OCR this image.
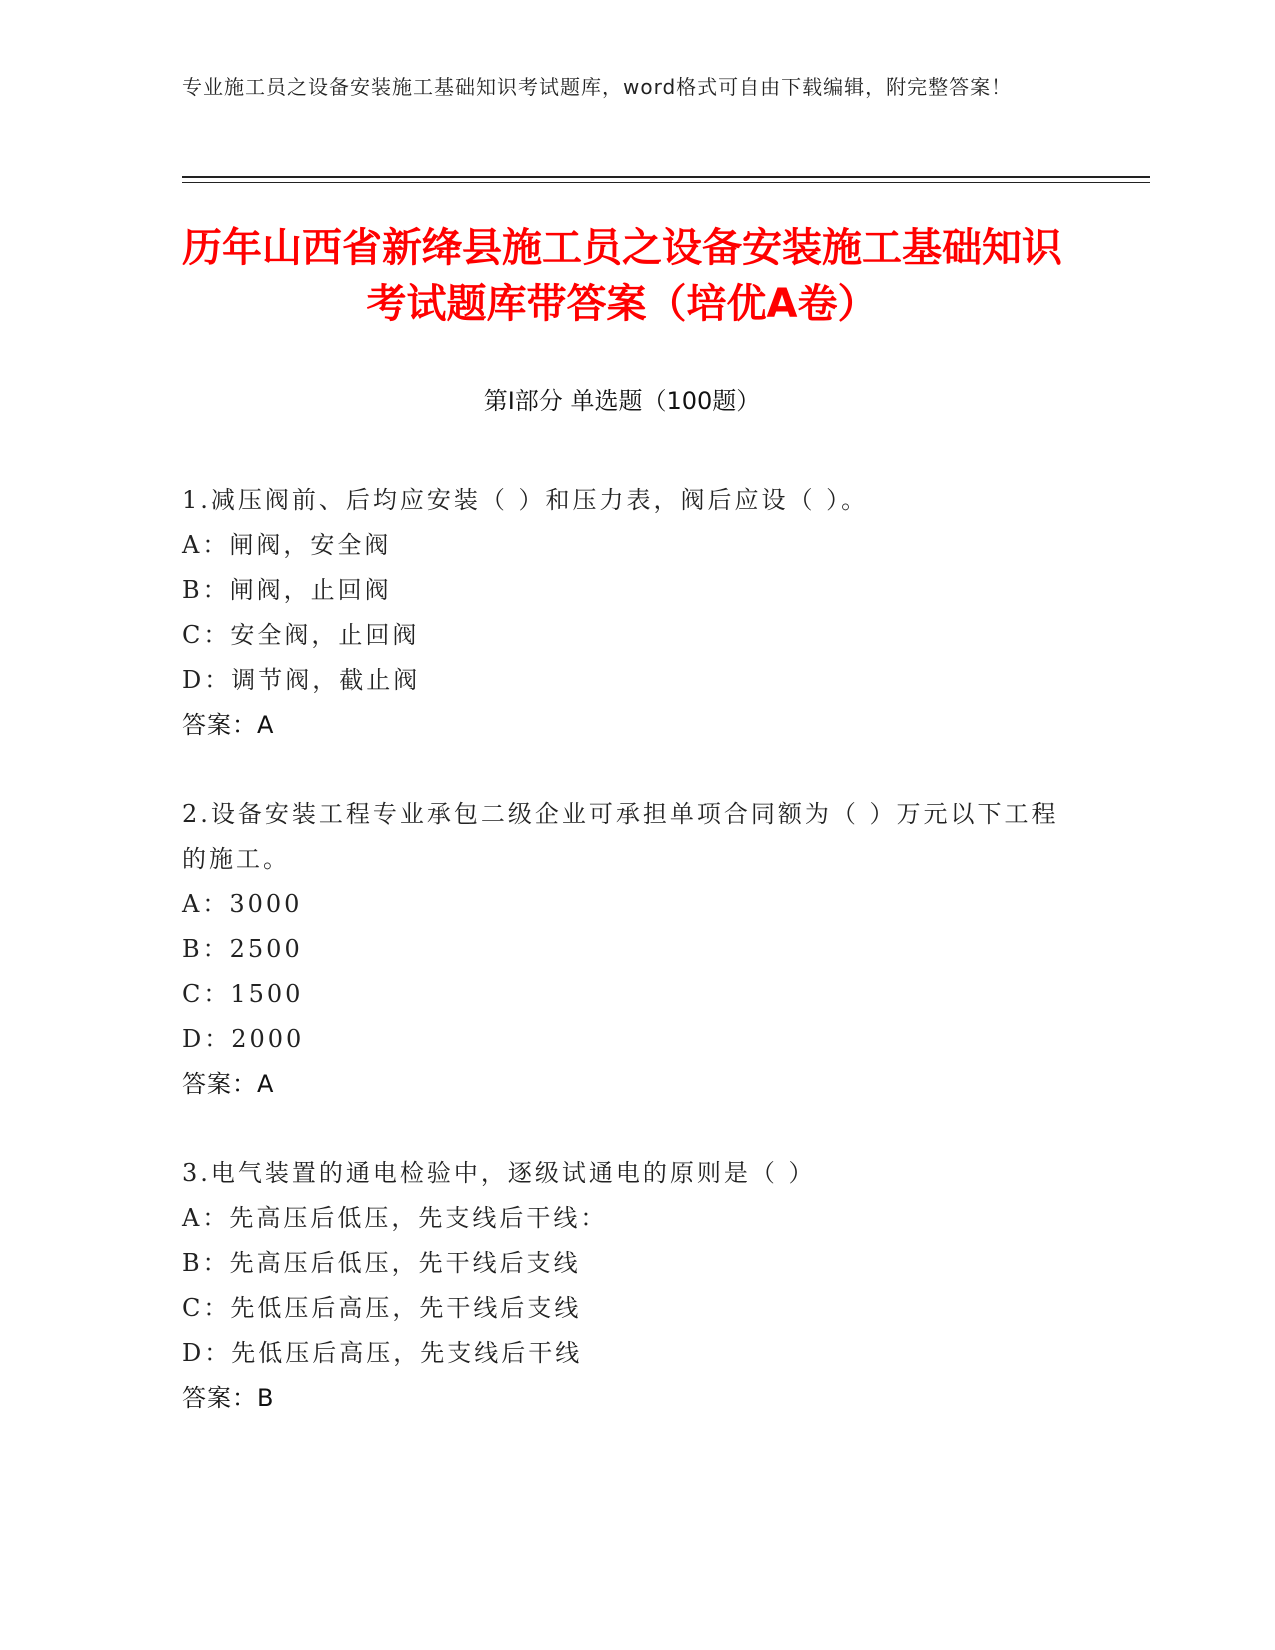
专业施工员之设备安装施工基础知识考试题库，word格式可自由下载编辑，附完整答案！
历年山西省新绛县施工员之设备安装施工基础知识考试题库带答案（培优A卷）
第Ⅰ部分 单选题（100题）
1.减压阀前、后均应安装（ ）和压力表，阀后应设（ ）。
A：闸阀，安全阀
B：闸阀，止回阀
C：安全阀，止回阀
D：调节阀，截止阀
答案：A
2.设备安装工程专业承包二级企业可承担单项合同额为（ ）万元以下工程的施工。
A：3000
B：2500
C：1500
D：2000
答案：A
3.电气装置的通电检验中，逐级试通电的原则是（ ）
A：先高压后低压，先支线后干线：
B：先高压后低压，先干线后支线
C：先低压后高压，先干线后支线
D：先低压后高压，先支线后干线
答案：B
